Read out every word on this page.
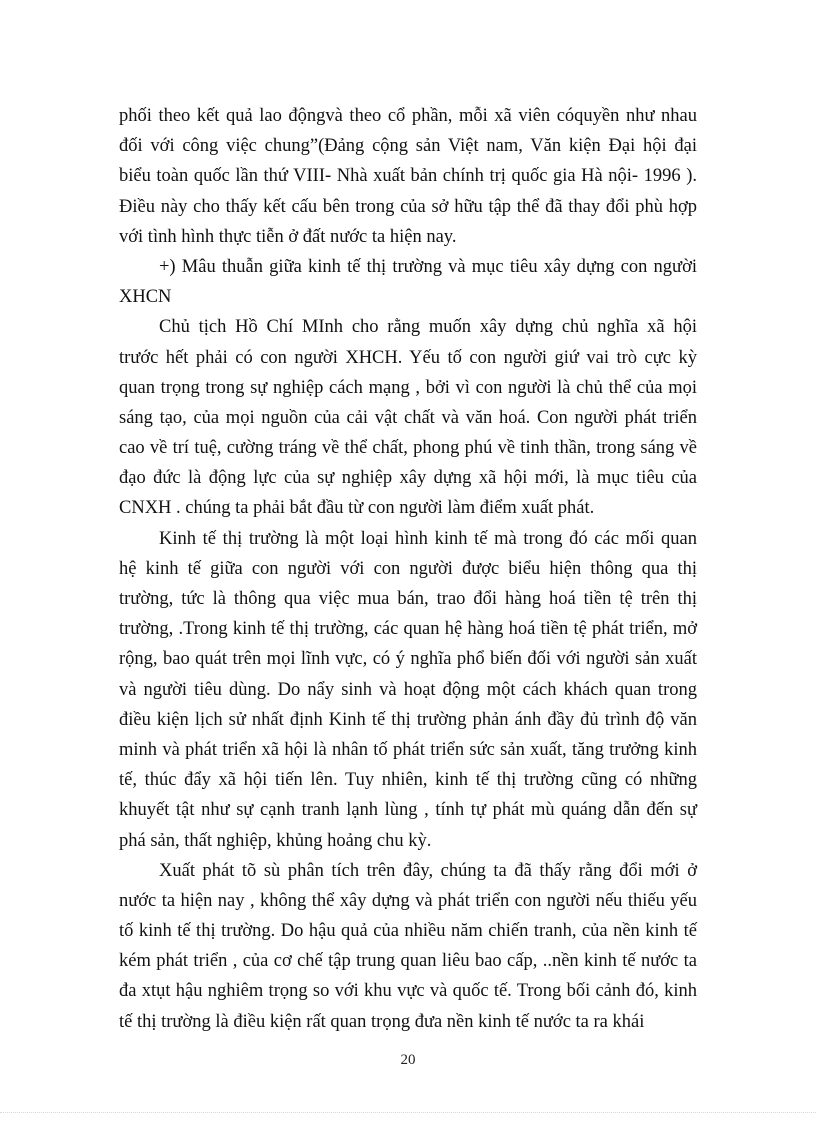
phối theo kết quả lao độngvà theo cổ phần, mỗi xã viên cóquyền như nhau
đối với công việc chung”(Đảng cộng sản Việt nam, Văn kiện Đại hội đại
biểu toàn quốc lần thứ VIII- Nhà xuất bản chính trị quốc gia Hà nội- 1996 ).
Điều này cho thấy kết cấu bên trong của sở hữu tập thể đã thay đổi phù hợp
với tình hình thực tiễn ở đất nước ta hiện nay.
+) Mâu thuẫn giữa kinh tế thị trường và mục tiêu xây dựng con người
XHCN
Chủ tịch Hồ Chí MInh cho rằng muốn xây dựng chủ nghĩa xã hội
trước hết phải có con người XHCH. Yếu tố con người giứ vai trò cực kỳ
quan trọng trong sự nghiệp cách mạng , bởi vì con người là chủ thể của mọi
sáng tạo, của mọi nguồn của cải vật chất và văn hoá. Con người phát triển
cao về trí tuệ, cường tráng về thể chất, phong phú về tinh thần, trong sáng về
đạo đức là động lực của sự nghiệp xây dựng xã hội mới, là mục tiêu của
CNXH . chúng ta phải bắt đầu từ con người làm điểm xuất phát.
Kinh tế thị trường là một loại hình kinh tế mà trong đó các mối quan
hệ kinh tế giữa con người với con người được biểu hiện thông qua thị
trường, tức là thông qua việc mua bán, trao đổi hàng hoá tiền tệ trên thị
trường, .Trong kinh tế thị trường, các quan hệ hàng hoá tiền tệ phát triển, mở
rộng, bao quát trên mọi lĩnh vực, có ý nghĩa phổ biến đối với người sản xuất
và người tiêu dùng. Do nẩy sinh và hoạt động một cách khách quan trong
điều kiện lịch sử nhất định Kinh tế thị trường phản ánh đầy đủ trình độ văn
minh và phát triển xã hội là nhân tố phát triển sức sản xuất, tăng trưởng kinh
tế, thúc đẩy xã hội tiến lên. Tuy nhiên, kinh tế thị trường cũng có những
khuyết tật như sự cạnh tranh lạnh lùng , tính tự phát mù quáng dẫn đến sự
phá sản, thất nghiệp, khủng hoảng chu kỳ.
Xuất phát tõ sù phân tích trên đây, chúng ta đã thấy rằng đổi mới ở
nước ta hiện nay , không thể xây dựng và phát triển con người nếu thiếu yếu
tố kinh tế thị trường. Do hậu quả của nhiều năm chiến tranh, của nền kinh tế
kém phát triển , của cơ chế tập trung quan liêu bao cấp, ..nền kinh tế nước ta
đa xtụt hậu nghiêm trọng so với khu vực và quốc tế. Trong bối cảnh đó, kinh
tế thị trường là điều kiện rất quan trọng đưa nền kinh tế nước ta ra khái
20
